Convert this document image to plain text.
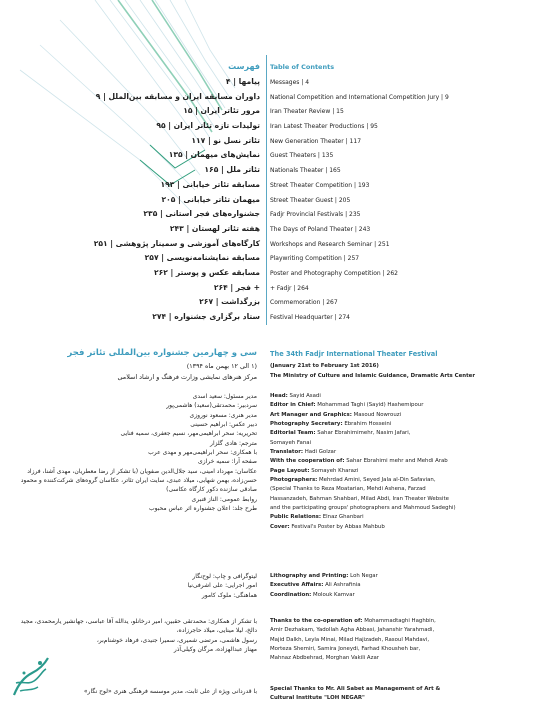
فهرست Table of Contents
پیامها | ۴
داوران مسابقه ایران و مسابقه بین‌الملل | ۹
مرور تئاتر ایران | ۱۵
تولیدات تازه تئاتر ایران | ۹۵
تئاتر نسل نو | ۱۱۷
نمایش‌های میهمان | ۱۳۵
تئاتر ملل | ۱۶۵
مسابقه تئاتر خیابانی | ۱۹۳
میهمان تئاتر خیابانی | ۲۰۵
جشنواره‌های فجر استانی | ۲۳۵
هفته تئاتر لهستان | ۲۴۳
کارگاه‌های آموزشی و سمینار پژوهشی | ۲۵۱
مسابقه نمایشنامه‌نویسی | ۲۵۷
مسابقه عکس و پوستر | ۲۶۲
+ فجر | ۲۶۴
بزرگداشت | ۲۶۷
ستاد برگزاری جشنواره | ۲۷۴
Messages | 4
National Competition and International Competition Jury | 9
Iran Theater Review | 15
Iran Latest Theater Productions | 95
New Generation Theater | 117
Guest Theaters | 135
Nationals Theater | 165
Street Theater Competition | 193
Street Theater Guest | 205
Fadjr Provincial Festivals | 235
The Days of Poland Theater | 243
Workshops and Research Seminar | 251
Playwriting Competition | 257
Poster and Photography Competition | 262
+ Fadjr | 264
Commemoration | 267
Festival Headquarter | 274
سی و چهارمین جشنواره بین‌المللی تئاتر فجر The 34th Fadjr International Theater Festival
(۱ الی ۱۲ بهمن ماه ۱۳۹۴) (January 21st to February 1st 2016)
مرکز هنرهای نمایشی وزارت فرهنگ و ارشاد اسلامی The Ministry of Culture and Islamic Guidance, Dramatic Arts Center
مدیر مسئول: سعید اسدی
سردبیر: محمدتقی(سعید) هاشمی‌پور
مدیر هنری: مسعود نوروزی
دبیر عکس: ابراهیم حسینی
تحریریه: سحر ابراهیمی‌مهر، نسیم جعفری، سمیه فنایی
مترجم: هادی گلزار
با همکاری: سحر ابراهیمی‌مهر و مهدی عرب
صفحه آرا: سمیه خرازی
عکاسان: مهرداد امینی، سید جلال‌الدین صفویان (با تشکر از رضا معطریان، مهدی آشنا، فرزاد حسن‌زاده، بهمن شهابی، میلاد عبدی، سایت ایران تئاتر، عکاسان گروه‌های شرکت‌کننده و محمود صادقی سازنده دکور کارگاه عکاسی)
روابط عمومی: الناز قنبری
طرح جلد: اعلان جشنواره اثر عباس محبوب
Head: Sayid Asadi
Editor in Chief: Mohammad Taghi (Sayid) Hashemipour
Art Manager and Graphics: Masoud Nowrouzi
Photography Secretary: Ebrahim Hosseini
Editorial Team: Sahar Ebrahimimehr, Nasim Jafari,
Somayeh Fanai
Translator: Hadi Golzar
With the cooperation of: Sahar Ebrahimi mehr and Mehdi Arab
Page Layout: Somayeh Kharazi
Photographers: Mehrdad Amini, Seyed Jala al-Din Safavian,
(Special Thanks to Reza Moatarian, Mehdi Ashena, Farzad
Hassanzadeh, Bahman Shahbari, Milad Abdi, Iran Theater Website
and the participating groups' photographers and Mahmoud Sadeghi)
Public Relations: Elnaz Ghanbari
Cover: Festival's Poster by Abbas Mahbub
لیتوگرافی و چاپ: لوح‌نگار
امور اجرایی: علی اشرفی‌نیا
هماهنگی: ملوک کامور
Lithography and Printing: Loh Negar
Executive Affairs: Ali Ashrafinia
Coordination: Molouk Kamvar
با تشکر از همکاری: محمدتقی حقبین، امیر درخانلو، یدالله آقا عباسی، جهانشیر یارمحمدی، مجید دالخ، لیلا مینایی، میلاد حاجرزاده،
رسول هاشمی، مرتضی شمیری، سمیرا جنیدی، فرهاد خوشنام‌بر،
مهناز عبدالهزاده، مرگان وکیلی‌آذر
Thanks to the co-operation of: Mohammadtaghi Haghbin,
Amir Dezhakam, Yadollah Agha Abbasi, Jahanshir Yarahmadi,
Majid Dalkh, Leyla Minai, Milad Hajizadeh, Rasoul Mahdavi,
Morteza Shemiri, Samira Joneydi, Farhad Khousheh bar,
Mahnaz Abdbehrad, Morghan Vakili Azar
با قدردانی ویژه از علی ثابت، مدیر موسسه فرهنگی هنری «لوح نگار» Special Thanks to Mr. Ali Sabet as Management of Art &
Cultural Institute "LOH NEGAR"
